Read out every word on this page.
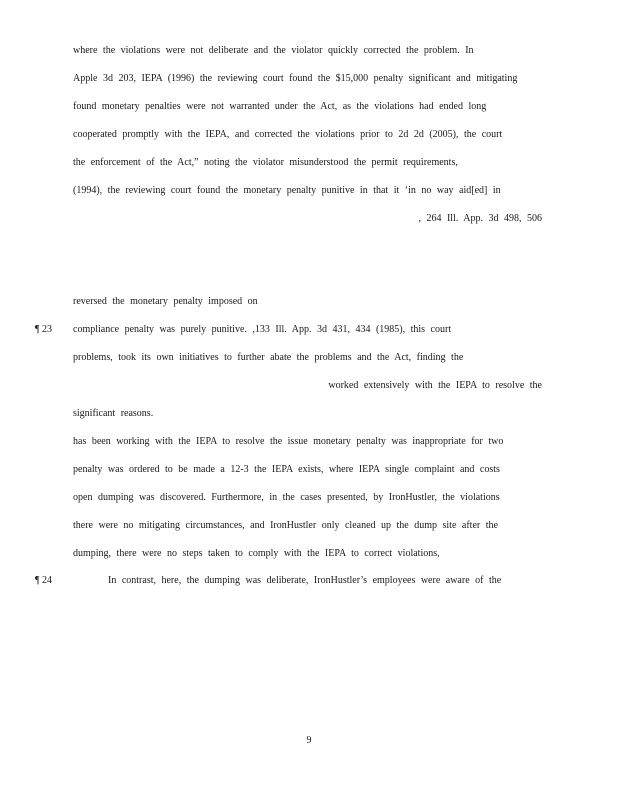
where the violations were not deliberate and the violator quickly corrected the problem. In
Apple 3d 203, IEPA (1996) the reviewing court found the $15,000 penalty significant and mitigating
found monetary penalties were not warranted under the Act, as the violations had ended long
cooperated promptly with the IEPA, and corrected the violations prior to 2d 2d (2005), the court
the enforcement of the Act,” noting the violator misunderstood the permit requirements,
(1994), the reviewing court found the monetary penalty punitive in that it ‘in no way aid[ed] in
, 264 Ill. App. 3d 498, 506
reversed the monetary penalty imposed on
¶ 23 compliance penalty was purely punitive. ,133 Ill. App. 3d 431, 434 (1985), this court
problems, took its own initiatives to further abate the problems and the Act, finding the
worked extensively with the IEPA to resolve the
significant reasons.
has been working with the IEPA to resolve the issue monetary penalty was inappropriate for two
penalty was ordered to be made a 12-3 the IEPA exists, where IEPA single complaint and costs
open dumping was discovered. Furthermore, in the cases presented, by IronHustler, the violations
there were no mitigating circumstances, and IronHustler only cleaned up the dump site after the
dumping, there were no steps taken to comply with the IEPA to correct violations,
¶ 24	In contrast, here, the dumping was deliberate, IronHustler’s employees were aware of the
9
